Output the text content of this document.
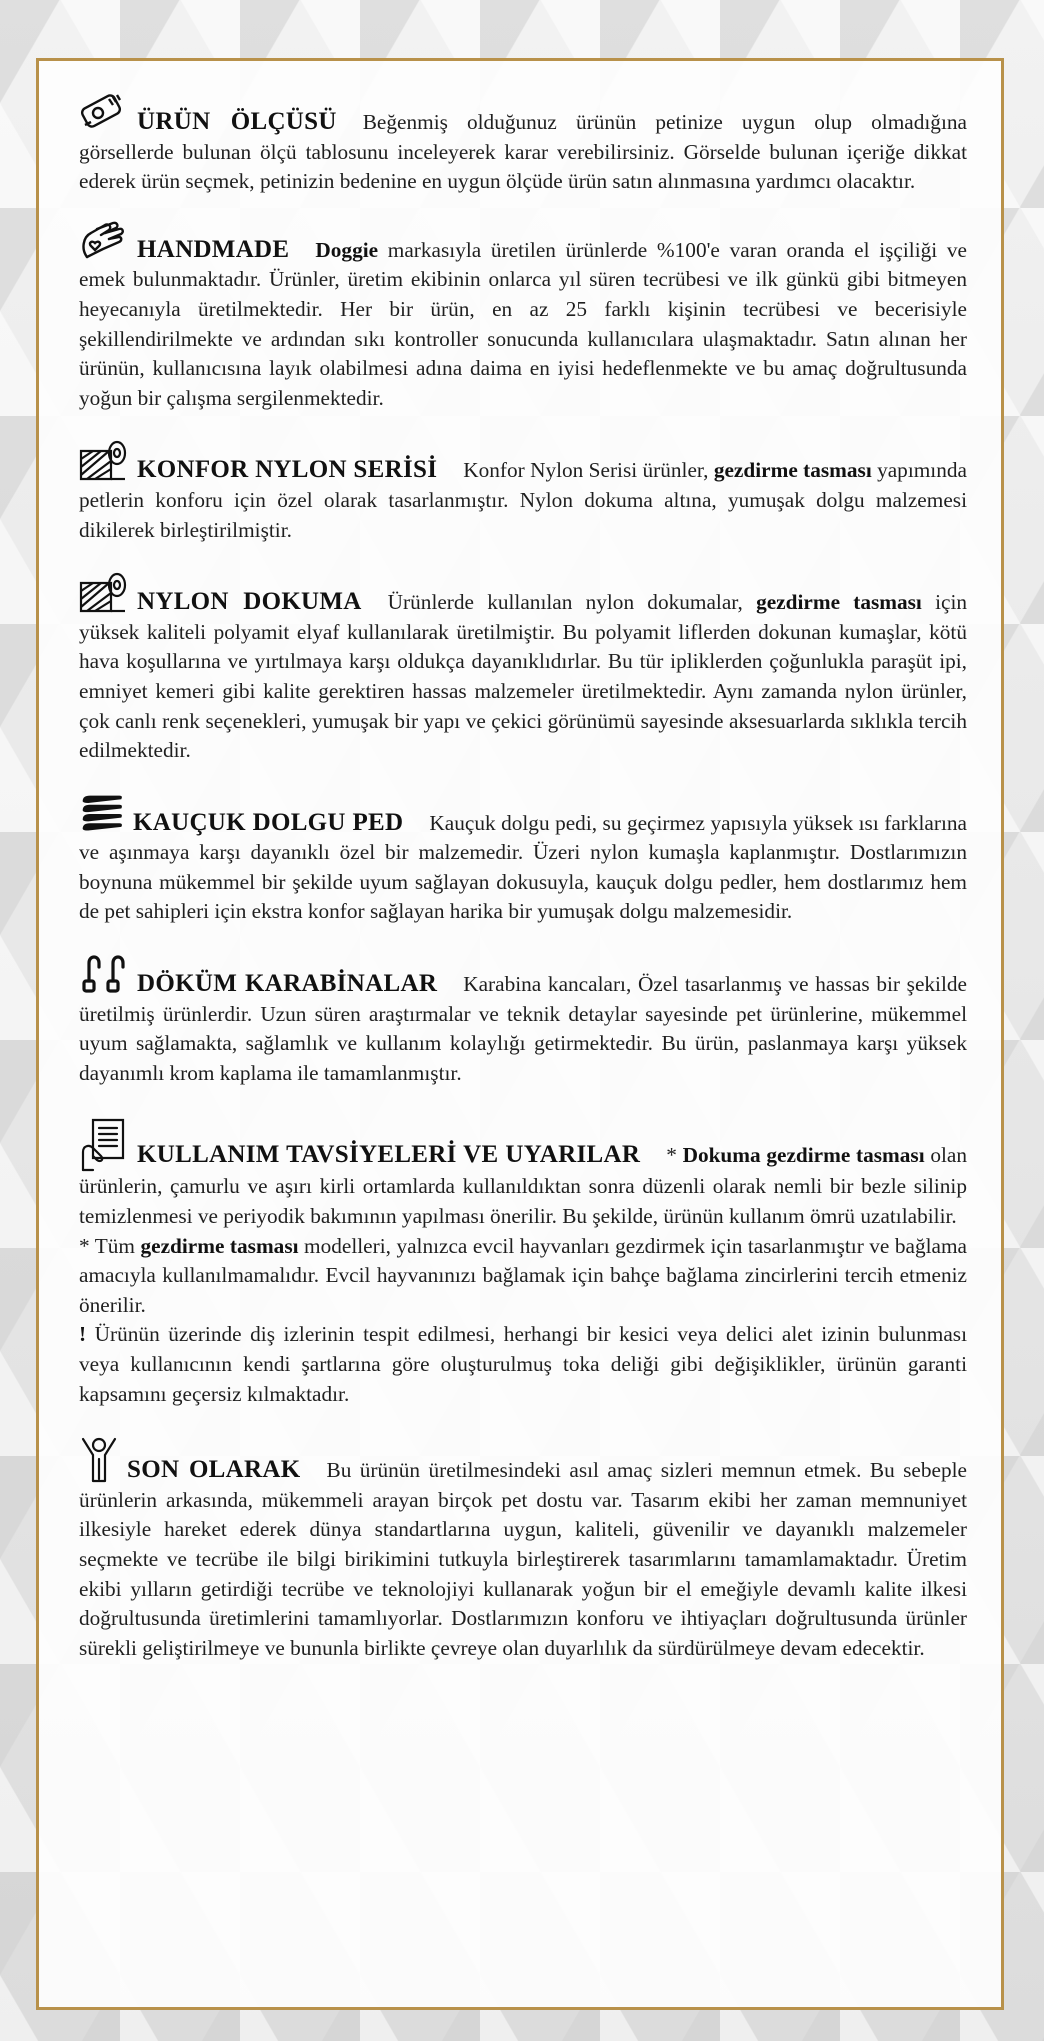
ÜRÜN ÖLÇÜSÜ Beğenmiş olduğunuz ürünün petinize uygun olup olmadığına görsellerde bulunan ölçü tablosunu inceleyerek karar verebilirsiniz. Görselde bulunan içeriğe dikkat ederek ürün seçmek, petinizin bedenine en uygun ölçüde ürün satın alınmasına yardımcı olacaktır.

HANDMADE Doggie markasıyla üretilen ürünlerde %100'e varan oranda el işçiliği ve emek bulunmaktadır. Ürünler, üretim ekibinin onlarca yıl süren tecrübesi ve ilk günkü gibi bitmeyen heyecanıyla üretilmektedir. Her bir ürün, en az 25 farklı kişinin tecrübesi ve becerisiyle şekillendirilmekte ve ardından sıkı kontroller sonucunda kullanıcılara ulaşmaktadır. Satın alınan her ürünün, kullanıcısına layık olabilmesi adına daima en iyisi hedeflenmekte ve bu amaç doğrultusunda yoğun bir çalışma sergilenmektedir.

KONFOR NYLON SERİSİ Konfor Nylon Serisi ürünler, gezdirme tasması yapımında petlerin konforu için özel olarak tasarlanmıştır. Nylon dokuma altına, yumuşak dolgu malzemesi dikilerek birleştirilmiştir.

NYLON DOKUMA Ürünlerde kullanılan nylon dokumalar, gezdirme tasması için yüksek kaliteli polyamit elyaf kullanılarak üretilmiştir. Bu polyamit liflerden dokunan kumaşlar, kötü hava koşullarına ve yırtılmaya karşı oldukça dayanıklıdırlar. Bu tür ipliklerden çoğunlukla paraşüt ipi, emniyet kemeri gibi kalite gerektiren hassas malzemeler üretilmektedir. Aynı zamanda nylon ürünler, çok canlı renk seçenekleri, yumuşak bir yapı ve çekici görünümü sayesinde aksesuarlarda sıklıkla tercih edilmektedir.

KAUÇUK DOLGU PED Kauçuk dolgu pedi, su geçirmez yapısıyla yüksek ısı farklarına ve aşınmaya karşı dayanıklı özel bir malzemedir. Üzeri nylon kumaşla kaplanmıştır. Dostlarımızın boynuna mükemmel bir şekilde uyum sağlayan dokusuyla, kauçuk dolgu pedler, hem dostlarımız hem de pet sahipleri için ekstra konfor sağlayan harika bir yumuşak dolgu malzemesidir.

DÖKÜM KARABİNALAR Karabina kancaları, Özel tasarlanmış ve hassas bir şekilde üretilmiş ürünlerdir. Uzun süren araştırmalar ve teknik detaylar sayesinde pet ürünlerine, mükemmel uyum sağlamakta, sağlamlık ve kullanım kolaylığı getirmektedir. Bu ürün, paslanmaya karşı yüksek dayanımlı krom kaplama ile tamamlanmıştır.

KULLANIM TAVSİYELERİ VE UYARILAR * Dokuma gezdirme tasması olan ürünlerin, çamurlu ve aşırı kirli ortamlarda kullanıldıktan sonra düzenli olarak nemli bir bezle silinip temizlenmesi ve periyodik bakımının yapılması önerilir. Bu şekilde, ürünün kullanım ömrü uzatılabilir.

* Tüm gezdirme tasması modelleri, yalnızca evcil hayvanları gezdirmek için tasarlanmıştır ve bağlama amacıyla kullanılmamalıdır. Evcil hayvanınızı bağlamak için bahçe bağlama zincirlerini tercih etmeniz önerilir.

! Ürünün üzerinde diş izlerinin tespit edilmesi, herhangi bir kesici veya delici alet izinin bulunması veya kullanıcının kendi şartlarına göre oluşturulmuş toka deliği gibi değişiklikler, ürünün garanti kapsamını geçersiz kılmaktadır.

SON OLARAK Bu ürünün üretilmesindeki asıl amaç sizleri memnun etmek. Bu sebeple ürünlerin arkasında, mükemmeli arayan birçok pet dostu var. Tasarım ekibi her zaman memnuniyet ilkesiyle hareket ederek dünya standartlarına uygun, kaliteli, güvenilir ve dayanıklı malzemeler seçmekte ve tecrübe ile bilgi birikimini tutkuyla birleştirerek tasarımlarını tamamlamaktadır. Üretim ekibi yılların getirdiği tecrübe ve teknolojiyi kullanarak yoğun bir el emeğiyle devamlı kalite ilkesi doğrultusunda üretimlerini tamamlıyorlar. Dostlarımızın konforu ve ihtiyaçları doğrultusunda ürünler sürekli geliştirilmeye ve bununla birlikte çevreye olan duyarlılık da sürdürülmeye devam edecektir.
